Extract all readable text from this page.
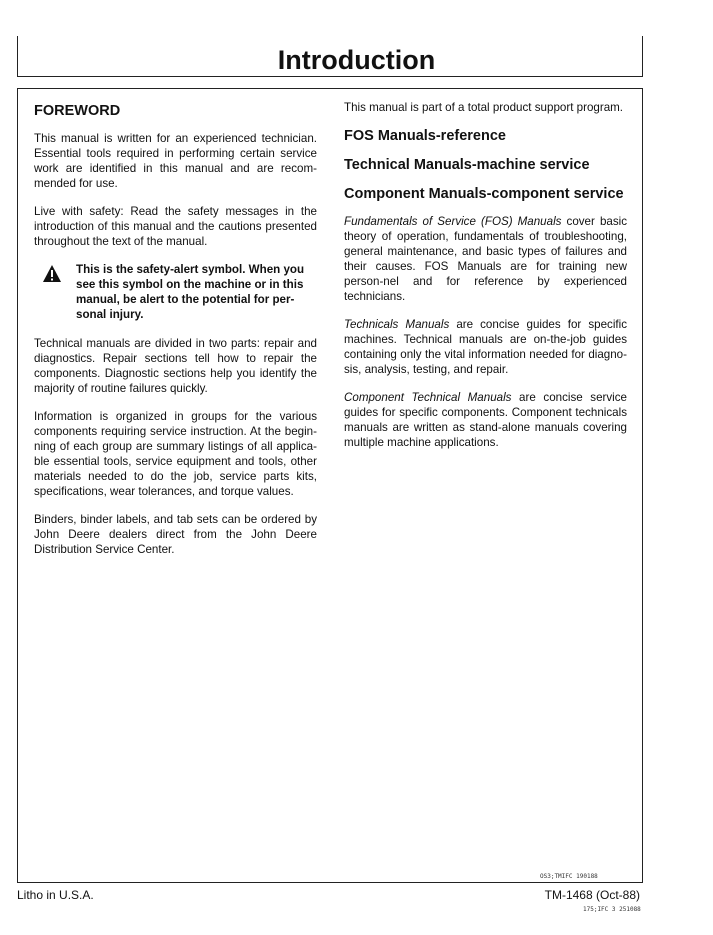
Introduction
FOREWORD

This manual is written for an experienced technician. Essential tools required in performing certain service work are identified in this manual and are recom-mended for use.

Live with safety: Read the safety messages in the introduction of this manual and the cautions presented throughout the text of the manual.

This is the safety-alert symbol. When you see this symbol on the machine or in this manual, be alert to the potential for per-sonal injury.

Technical manuals are divided in two parts: repair and diagnostics. Repair sections tell how to repair the components. Diagnostic sections help you identify the majority of routine failures quickly.

Information is organized in groups for the various components requiring service instruction. At the begin-ning of each group are summary listings of all applica-ble essential tools, service equipment and tools, other materials needed to do the job, service parts kits, specifications, wear tolerances, and torque values.

Binders, binder labels, and tab sets can be ordered by John Deere dealers direct from the John Deere Distribution Service Center.

This manual is part of a total product support program.

FOS Manuals-reference
Technical Manuals-machine service
Component Manuals-component service

Fundamentals of Service (FOS) Manuals cover basic theory of operation, fundamentals of troubleshooting, general maintenance, and basic types of failures and their causes. FOS Manuals are for training new person-nel and for reference by experienced technicians.

Technicals Manuals are concise guides for specific machines. Technical manuals are on-the-job guides containing only the vital information needed for diagno-sis, analysis, testing, and repair.

Component Technical Manuals are concise service guides for specific components. Component technicals manuals are written as stand-alone manuals covering multiple machine applications.

OS3;TMIFC 190188
Litho in U.S.A.	TM-1468 (Oct-88)
175;IFC 3 251088
